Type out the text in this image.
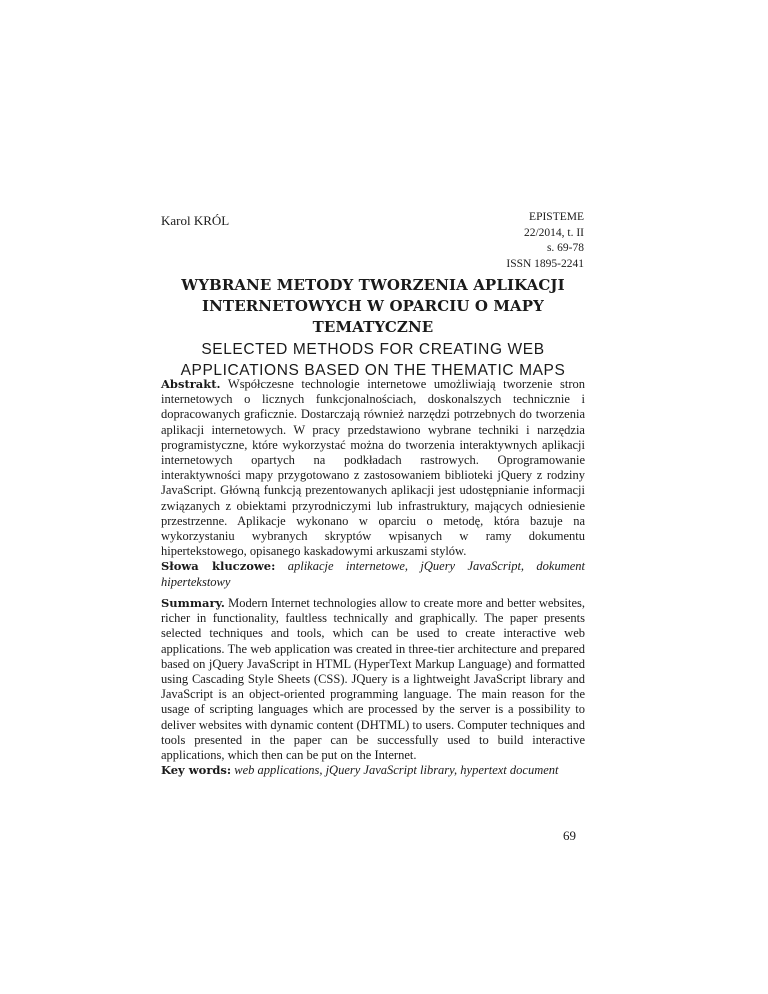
Karol KRÓL	EPISTEME
22/2014, t. II
s. 69-78
ISSN 1895-2241
WYBRANE METODY TWORZENIA APLIKACJI
INTERNETOWYCH W OPARCIU O MAPY TEMATYCZNE
SELECTED METHODS FOR CREATING WEB
APPLICATIONS BASED ON THE THEMATIC MAPS
Abstrakt. Współczesne technologie internetowe umożliwiają tworzenie stron internetowych o licznych funkcjonalnościach, doskonalszych technicznie i dopracowanych graficznie. Dostarczają również narzędzi potrzebnych do tworzenia aplikacji internetowych. W pracy przedstawiono wybrane techniki i narzędzia programistyczne, które wykorzystać można do tworzenia interaktywnych aplikacji internetowych opartych na podkładach rastrowych. Oprogramowanie interaktywności mapy przygotowano z zastosowaniem biblioteki jQuery z rodziny JavaScript. Główną funkcją prezentowanych aplikacji jest udostępnianie informacji związanych z obiektami przyrodniczymi lub infrastruktury, mających odniesienie przestrzenne. Aplikacje wykonano w oparciu o metodę, która bazuje na wykorzystaniu wybranych skryptów wpisanych w ramy dokumentu hipertekstowego, opisanego kaskadowymi arkuszami stylów.
Słowa kluczowe: aplikacje internetowe, jQuery JavaScript, dokument hipertekstowy
Summary. Modern Internet technologies allow to create more and better websites, richer in functionality, faultless technically and graphically. The paper presents selected techniques and tools, which can be used to create interactive web applications. The web application was created in three-tier architecture and prepared based on jQuery JavaScript in HTML (HyperText Markup Language) and formatted using Cascading Style Sheets (CSS). JQuery is a lightweight JavaScript library and JavaScript is an object-oriented programming language. The main reason for the usage of scripting languages which are processed by the server is a possibility to deliver websites with dynamic content (DHTML) to users. Computer techniques and tools presented in the paper can be successfully used to build interactive applications, which then can be put on the Internet.
Key words: web applications, jQuery JavaScript library, hypertext document
69
